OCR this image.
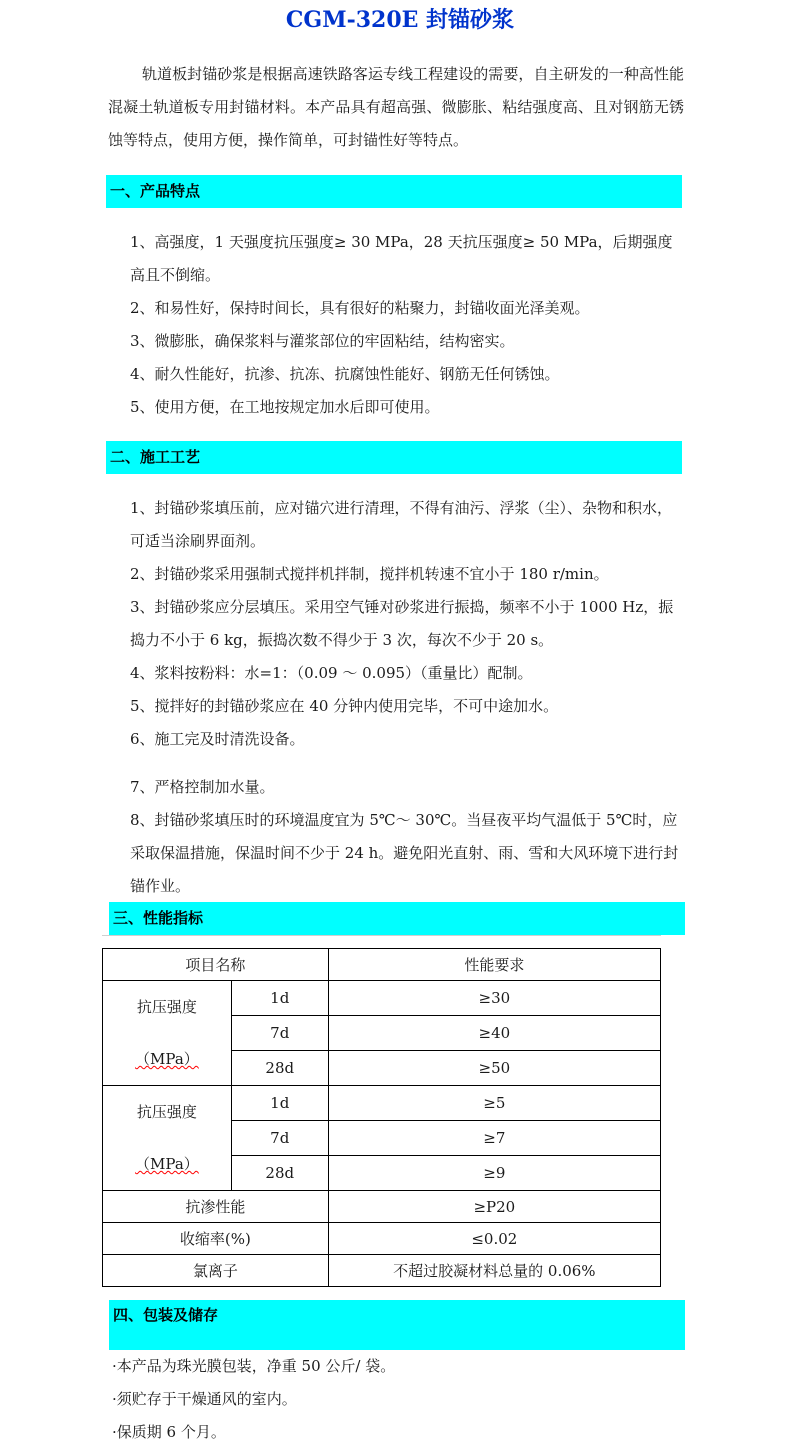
CGM-320E 封锚砂浆
轨道板封锚砂浆是根据高速铁路客运专线工程建设的需要，自主研发的一种高性能混凝土轨道板专用封锚材料。本产品具有超高强、微膨胀、粘结强度高、且对钢筋无锈蚀等特点，使用方便，操作简单，可封锚性好等特点。
一、产品特点
1、高强度，1 天强度抗压强度≥ 30 MPa，28 天抗压强度≥ 50 MPa，后期强度高且不倒缩。
2、和易性好，保持时间长，具有很好的粘聚力，封锚收面光泽美观。
3、微膨胀，确保浆料与灌浆部位的牢固粘结，结构密实。
4、耐久性能好，抗渗、抗冻、抗腐蚀性能好、钢筋无任何锈蚀。
5、使用方便，在工地按规定加水后即可使用。
二、施工工艺
1、封锚砂浆填压前，应对锚穴进行清理，不得有油污、浮浆（尘）、杂物和积水，可适当涂刷界面剂。
2、封锚砂浆采用强制式搅拌机拌制，搅拌机转速不宜小于 180 r/min。
3、封锚砂浆应分层填压。采用空气锤对砂浆进行振捣，频率不小于 1000 Hz，振捣力不小于 6 kg，振捣次数不得少于 3 次，每次不少于 20 s。
4、浆料按粉料：水=1：（0.09 ～ 0.095）（重量比）配制。
5、搅拌好的封锚砂浆应在 40 分钟内使用完毕，不可中途加水。
6、施工完及时清洗设备。
7、严格控制加水量。
8、封锚砂浆填压时的环境温度宜为 5℃～ 30℃。当昼夜平均气温低于 5℃时，应采取保温措施，保温时间不少于 24 h。避免阳光直射、雨、雪和大风环境下进行封锚作业。
三、性能指标
项目名称		性能要求

抗压强度
（MPa）	1d	≥30
	7d	≥40
	28d	≥50

抗压强度
（MPa）	1d	≥5
	7d	≥7
	28d	≥9
抗渗性能		≥P20
收缩率(%)		≤0.02
氯离子		不超过胶凝材料总量的 0.06%
四、包装及储存
·本产品为珠光膜包装，净重 50 公斤/ 袋。
·须贮存于干燥通风的室内。
·保质期 6 个月。
